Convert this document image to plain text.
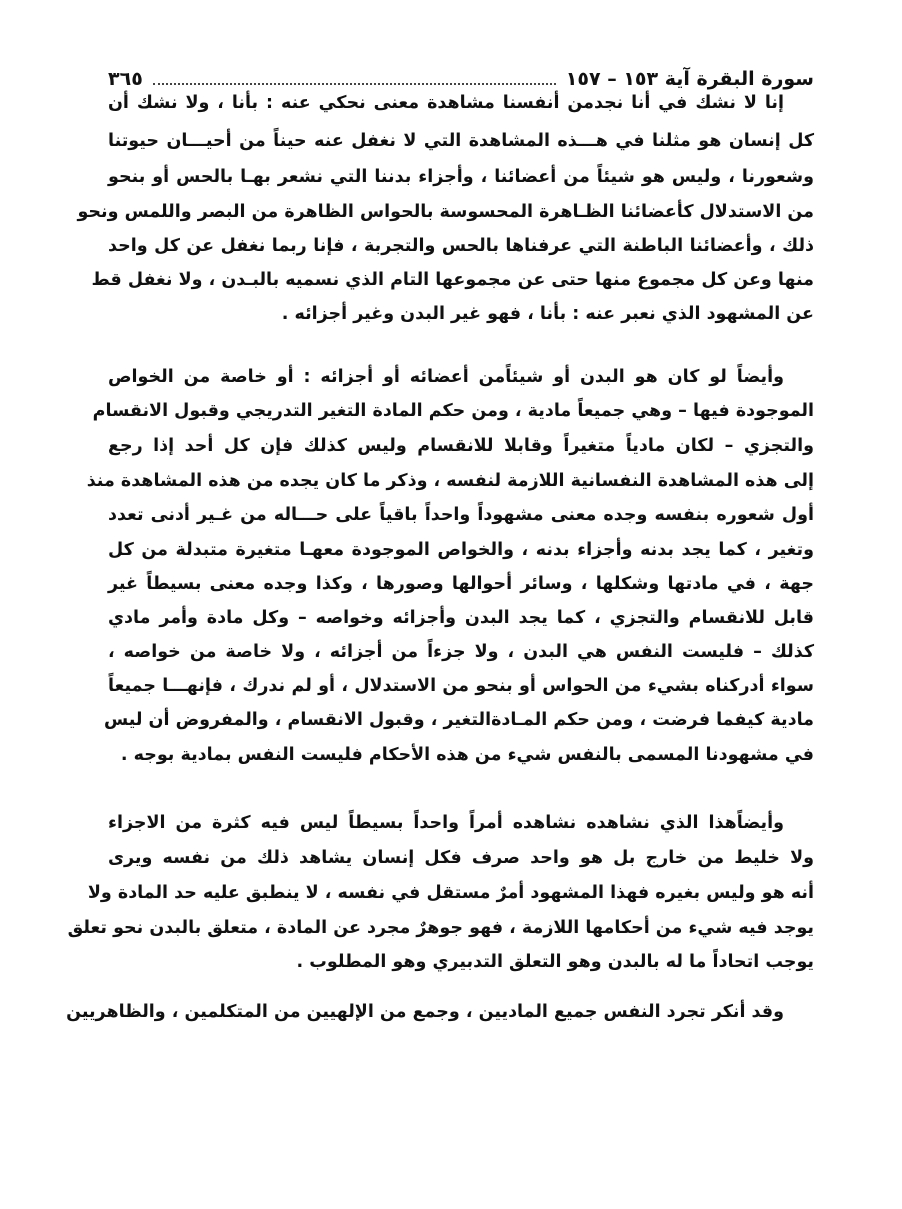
سورة البقرة آية ١٥٣ – ١٥٧
٣٦٥
إنا لا نشك في أنا نجدمن أنفسنا مشاهدة معنى نحكي عنه : بأنا ، ولا نشك أن
كل إنسان هو مثلنا في هـــذه المشاهدة التي لا نغفل عنه حيناً من أحيـــان حيوتنا
وشعورنا ، وليس هو شيئاً من أعضائنا ، وأجزاء بدننا التي نشعر بهـا بالحس أو بنحو
من الاستدلال كأعضائنا الظـاهرة المحسوسة بالحواس الظاهرة من البصر واللمس ونحو
ذلك ، وأعضائنا الباطنة التي عرفناها بالحس والتجربة ، فإنا ربما نغفل عن كل واحد
منها وعن كل مجموع منها حتى عن مجموعها التام الذي نسميه بالبـدن ، ولا نغفل قط
عن المشهود الذي نعبر عنه : بأنا ، فهو غير البدن وغير أجزائه .
وأيضاً لو كان هو البدن أو شيئاًمن أعضائه أو أجزائه : أو خاصة من الخواص
الموجودة فيها – وهي جميعاً مادية ، ومن حكم المادة التغير التدريجي وقبول الانقسام
والتجزي – لكان مادياً متغيراً وقابلا للانقسام وليس كذلك فإن كل أحد إذا رجع
إلى هذه المشاهدة النفسانية اللازمة لنفسه ، وذكر ما كان يجده من هذه المشاهدة منذ
أول شعوره بنفسه وجده معنى مشهوداً واحداً باقياً على حـــاله من غـير أدنى تعدد
وتغير ، كما يجد بدنه وأجزاء بدنه ، والخواص الموجودة معهـا متغيرة متبدلة من كل
جهة ، في مادتها وشكلها ، وسائر أحوالها وصورها ، وكذا وجده معنى بسيطاً غير
قابل للانقسام والتجزي ، كما يجد البدن وأجزائه وخواصه – وكل مادة وأمر مادي
كذلك – فليست النفس هي البدن ، ولا جزءاً من أجزائه ، ولا خاصة من خواصه ،
سواء أدركناه بشيء من الحواس أو بنحو من الاستدلال ، أو لم ندرك ، فإنهـــا جميعاً
مادية كيفما فرضت ، ومن حكم المـادةالتغير ، وقبول الانقسام ، والمفروض أن ليس
في مشهودنا المسمى بالنفس شيء من هذه الأحكام فليست النفس بمادية بوجه .
وأيضاًهذا الذي نشاهده نشاهده أمراً واحداً بسيطاً ليس فيه كثرة من الاجزاء
ولا خليط من خارج بل هو واحد صرف فكل إنسان يشاهد ذلك من نفسه ويرى
أنه هو وليس بغيره فهذا المشهود أمرٌ مستقل في نفسه ، لا ينطبق عليه حد المادة ولا
يوجد فيه شيء من أحكامها اللازمة ، فهو جوهرٌ مجرد عن المادة ، متعلق بالبدن نحو تعلق
يوجب اتحاداً ما له بالبدن وهو التعلق التدبيري وهو المطلوب .
وقد أنكر تجرد النفس جميع الماديين ، وجمع من الإلهيين من المتكلمين ، والظاهريين
